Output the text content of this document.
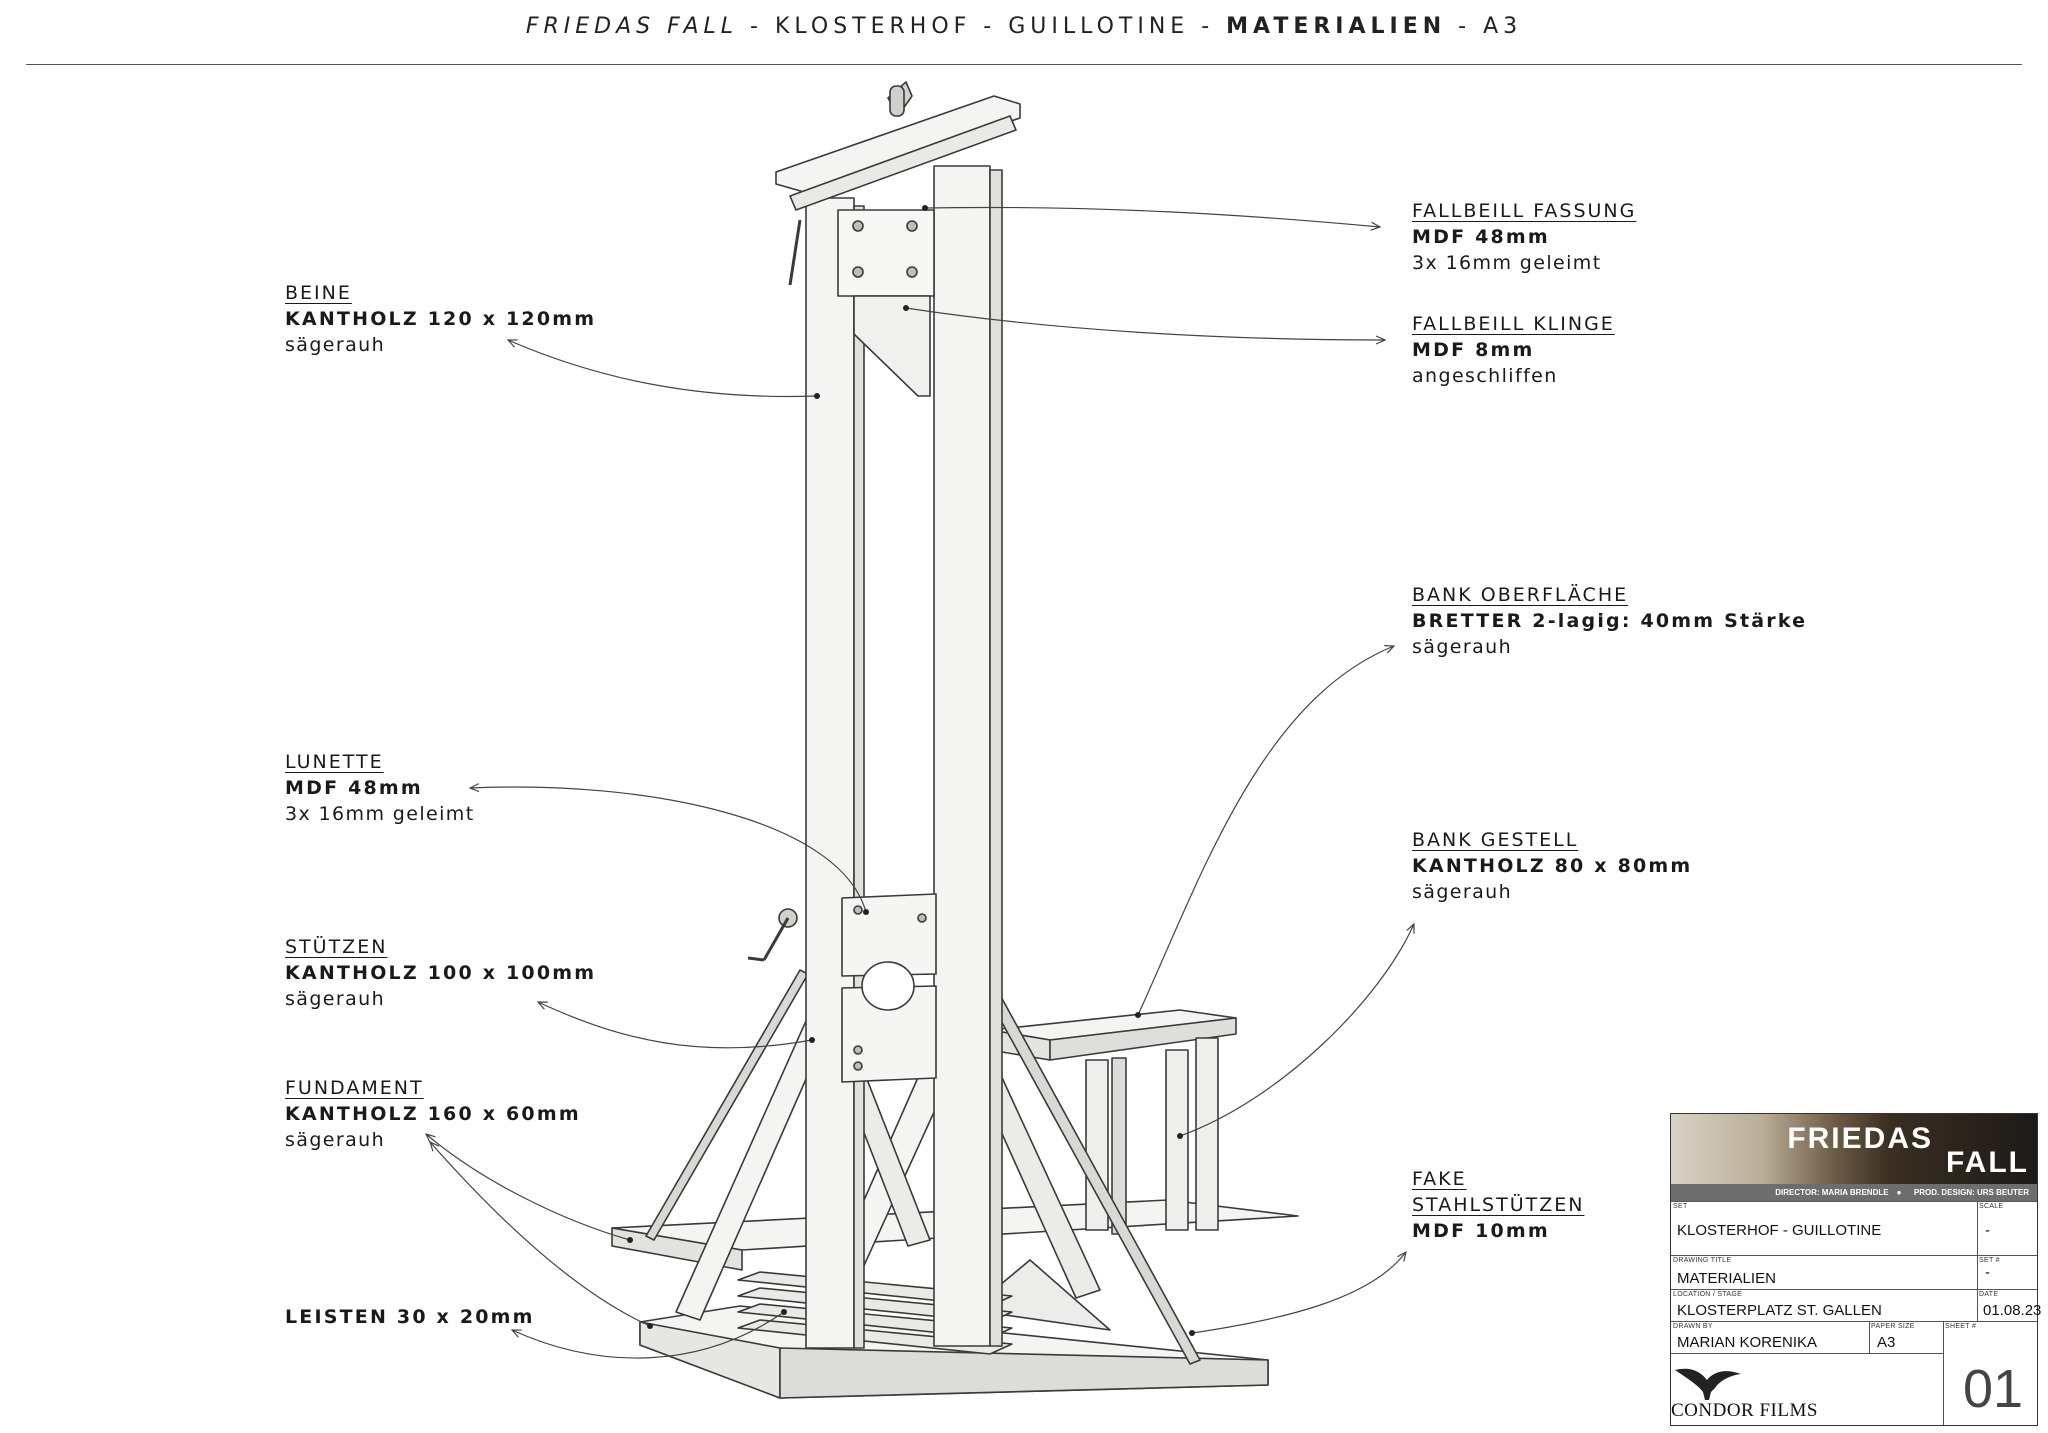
FRIEDAS FALL - KLOSTERHOF - GUILLOTINE - MATERIALIEN - A3
BEINE
KANTHOLZ 120 x 120mm
sägerauh
LUNETTE
MDF 48mm
3x 16mm geleimt
STÜTZEN
KANTHOLZ 100 x 100mm
sägerauh
FUNDAMENT
KANTHOLZ 160 x 60mm
sägerauh
LEISTEN 30 x 20mm
FALLBEILL FASSUNG
MDF 48mm
3x 16mm geleimt
FALLBEILL KLINGE
MDF 8mm
angeschliffen
BANK OBERFLÄCHE
BRETTER 2-lagig: 40mm Stärke
sägerauh
BANK GESTELL
KANTHOLZ 80 x 80mm
sägerauh
FAKE
STAHLSTÜTZEN
MDF 10mm
FRIEDAS
FALL
DIRECTOR: MARIA BRENDLE ● PROD. DESIGN: URS BEUTER
SET
KLOSTERHOF - GUILLOTINE
SCALE
-
DRAWING TITLE
MATERIALIEN
SET #
-
LOCATION / STAGE
KLOSTERPLATZ ST. GALLEN
DATE
01.08.23
DRAWN BY
MARIAN KORENIKA
PAPER SIZE
A3
SHEET #
01
CONDOR FILMS
